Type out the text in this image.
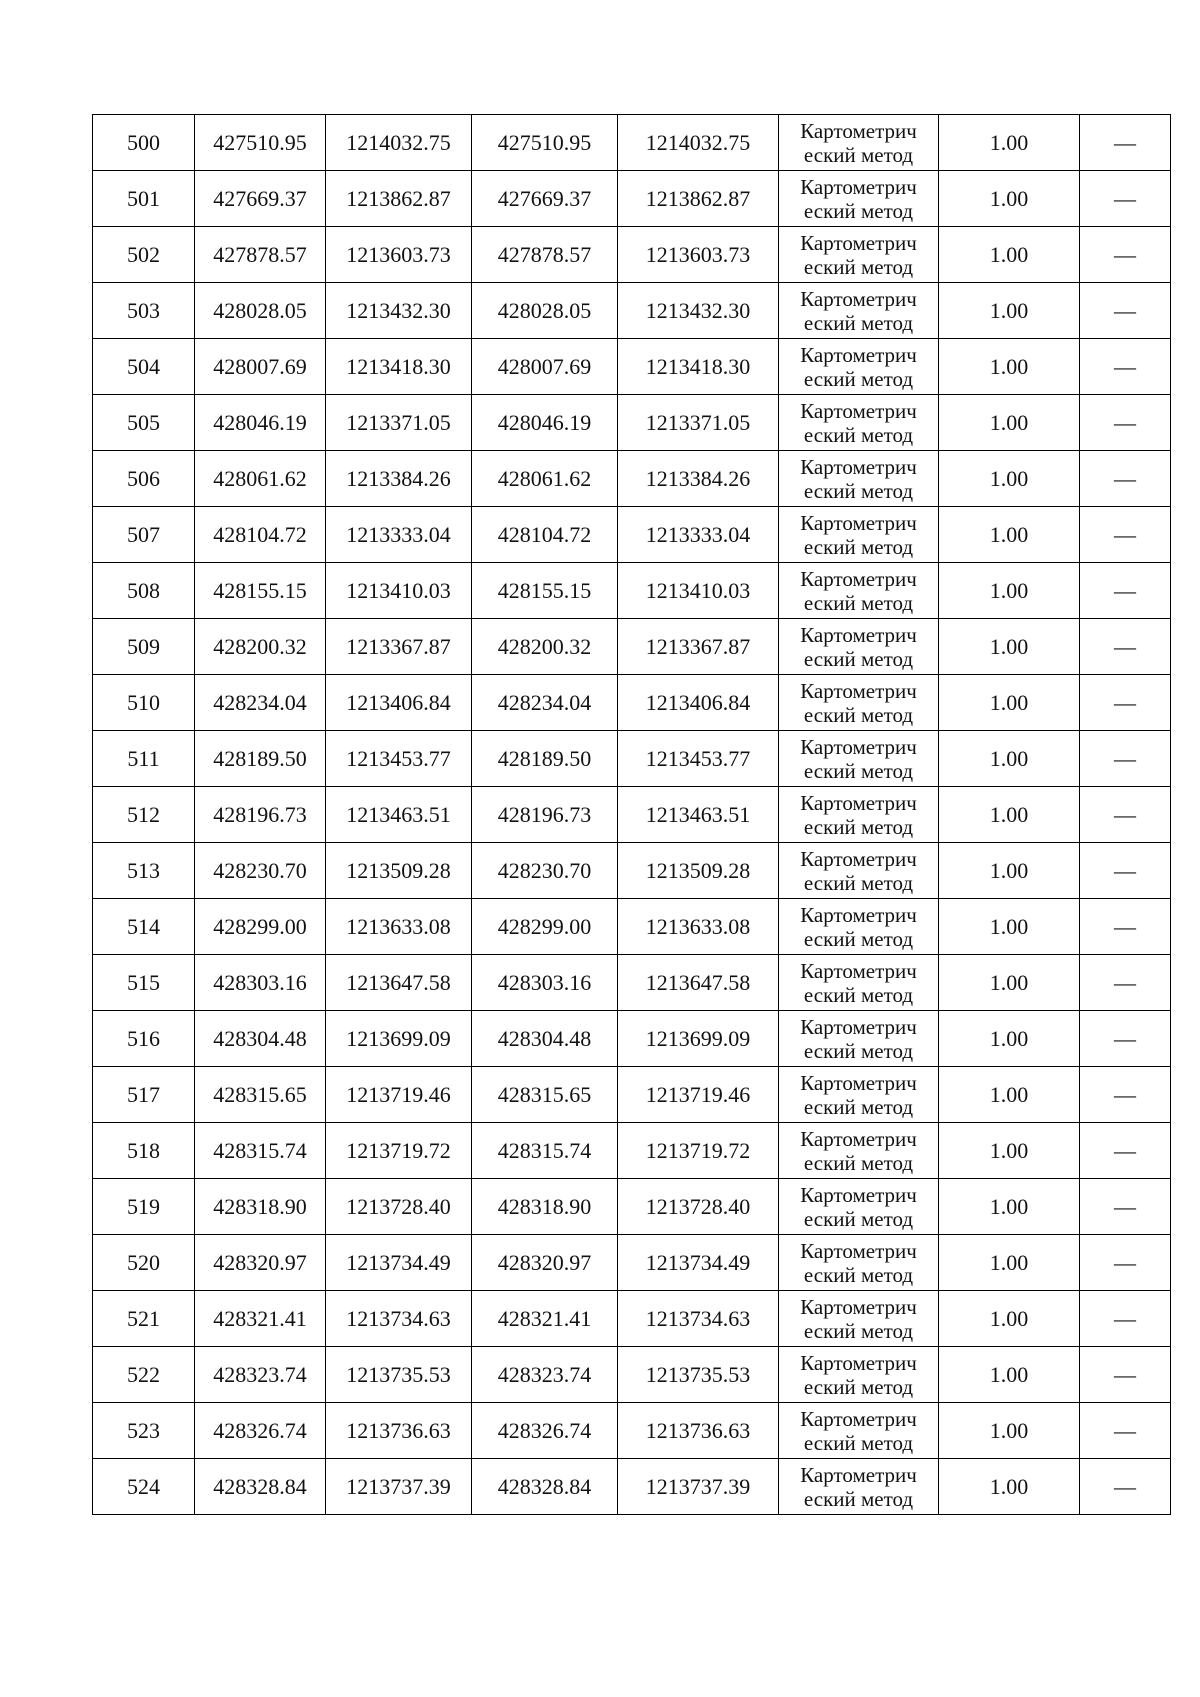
500	427510.95	1214032.75	427510.95	1214032.75	Картометрич
еский метод	1.00	—
501	427669.37	1213862.87	427669.37	1213862.87	Картометрич
еский метод	1.00	—
502	427878.57	1213603.73	427878.57	1213603.73	Картометрич
еский метод	1.00	—
503	428028.05	1213432.30	428028.05	1213432.30	Картометрич
еский метод	1.00	—
504	428007.69	1213418.30	428007.69	1213418.30	Картометрич
еский метод	1.00	—
505	428046.19	1213371.05	428046.19	1213371.05	Картометрич
еский метод	1.00	—
506	428061.62	1213384.26	428061.62	1213384.26	Картометрич
еский метод	1.00	—
507	428104.72	1213333.04	428104.72	1213333.04	Картометрич
еский метод	1.00	—
508	428155.15	1213410.03	428155.15	1213410.03	Картометрич
еский метод	1.00	—
509	428200.32	1213367.87	428200.32	1213367.87	Картометрич
еский метод	1.00	—
510	428234.04	1213406.84	428234.04	1213406.84	Картометрич
еский метод	1.00	—
511	428189.50	1213453.77	428189.50	1213453.77	Картометрич
еский метод	1.00	—
512	428196.73	1213463.51	428196.73	1213463.51	Картометрич
еский метод	1.00	—
513	428230.70	1213509.28	428230.70	1213509.28	Картометрич
еский метод	1.00	—
514	428299.00	1213633.08	428299.00	1213633.08	Картометрич
еский метод	1.00	—
515	428303.16	1213647.58	428303.16	1213647.58	Картометрич
еский метод	1.00	—
516	428304.48	1213699.09	428304.48	1213699.09	Картометрич
еский метод	1.00	—
517	428315.65	1213719.46	428315.65	1213719.46	Картометрич
еский метод	1.00	—
518	428315.74	1213719.72	428315.74	1213719.72	Картометрич
еский метод	1.00	—
519	428318.90	1213728.40	428318.90	1213728.40	Картометрич
еский метод	1.00	—
520	428320.97	1213734.49	428320.97	1213734.49	Картометрич
еский метод	1.00	—
521	428321.41	1213734.63	428321.41	1213734.63	Картометрич
еский метод	1.00	—
522	428323.74	1213735.53	428323.74	1213735.53	Картометрич
еский метод	1.00	—
523	428326.74	1213736.63	428326.74	1213736.63	Картометрич
еский метод	1.00	—
524	428328.84	1213737.39	428328.84	1213737.39	Картометрич
еский метод	1.00	—
